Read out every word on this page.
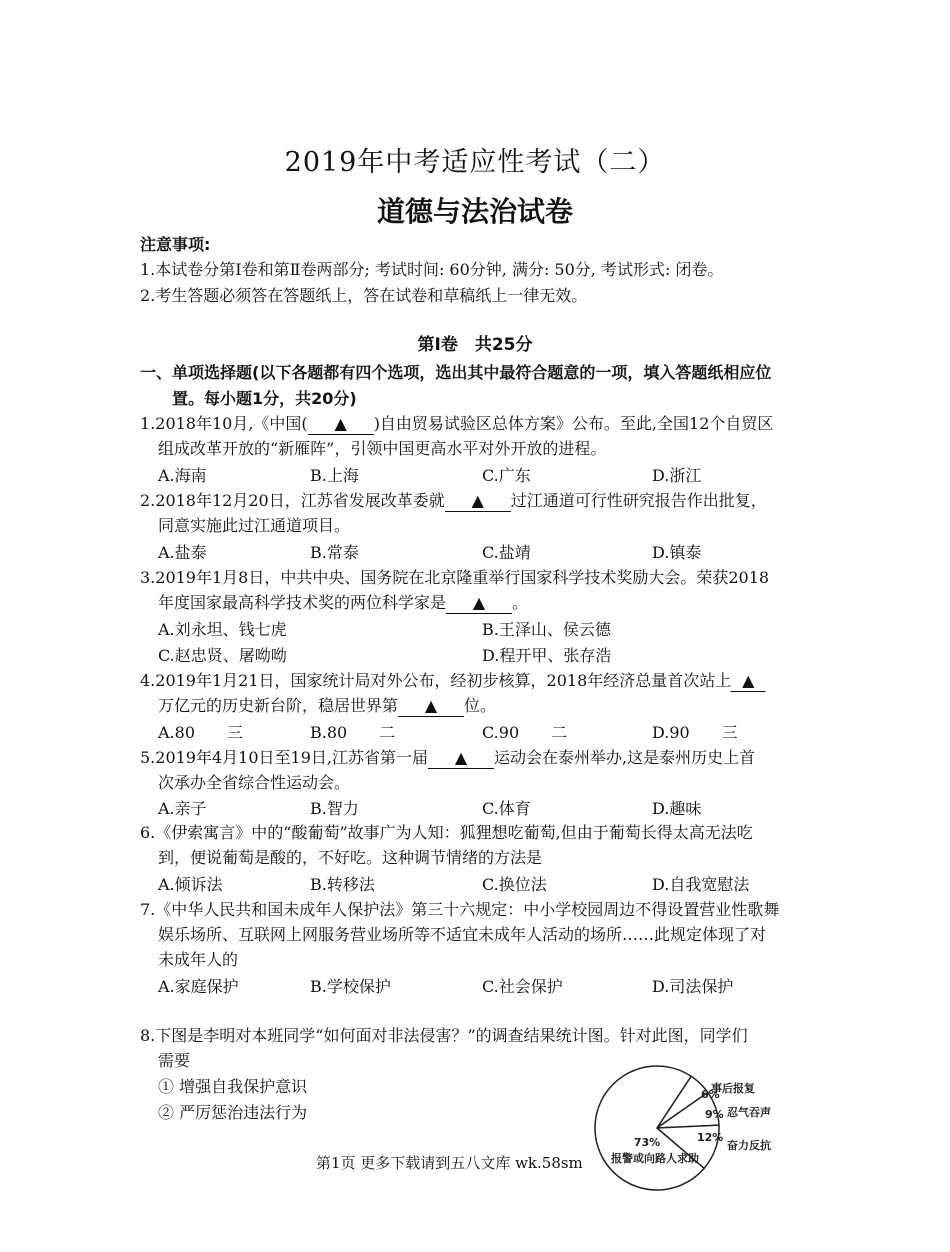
2019年中考适应性考试（二）
道德与法治试卷
注意事项:
1.本试卷分第Ⅰ卷和第Ⅱ卷两部分; 考试时间: 60分钟, 满分: 50分, 考试形式: 闭卷。
2.考生答题必须答在答题纸上，答在试卷和草稿纸上一律无效。
第Ⅰ卷　共25分
一、单项选择题(以下各题都有四个选项，选出其中最符合题意的一项，填入答题纸相应位
置。每小题1分，共20分)
1.2018年10月,《中国( ▲ )自由贸易试验区总体方案》公布。至此,全国12个自贸区
组成改革开放的“新雁阵”，引领中国更高水平对外开放的进程。
A.海南	B.上海	C.广东	D.浙江
2.2018年12月20日，江苏省发展改革委就 ▲ 过江通道可行性研究报告作出批复，
同意实施此过江通道项目。
A.盐泰	B.常泰	C.盐靖	D.镇泰
3.2019年1月8日，中共中央、国务院在北京隆重举行国家科学技术奖励大会。荣获2018
年度国家最高科学技术奖的两位科学家是 ▲ 。
A.刘永坦、钱七虎	B.王泽山、侯云德
C.赵忠贤、屠呦呦	D.程开甲、张存浩
4.2019年1月21日，国家统计局对外公布，经初步核算，2018年经济总量首次站上 ▲
万亿元的历史新台阶，稳居世界第 ▲ 位。
A.80　　三	B.80　　二	C.90　　二	D.90　　三
5.2019年4月10日至19日,江苏省第一届 ▲ 运动会在泰州举办,这是泰州历史上首
次承办全省综合性运动会。
A.亲子	B.智力	C.体育	D.趣味
6.《伊索寓言》中的“酸葡萄”故事广为人知：狐狸想吃葡萄,但由于葡萄长得太高无法吃
到，便说葡萄是酸的，不好吃。这种调节情绪的方法是
A.倾诉法	B.转移法	C.换位法	D.自我宽慰法
7.《中华人民共和国未成年人保护法》第三十六规定：中小学校园周边不得设置营业性歌舞
娱乐场所、互联网上网服务营业场所等不适宜未成年人活动的场所……此规定体现了对
未成年人的
A.家庭保护	B.学校保护	C.社会保护	D.司法保护
8.下图是李明对本班同学“如何面对非法侵害？”的调查结果统计图。针对此图，同学们
需要
① 增强自我保护意识
② 严厉惩治违法行为
第1页 更多下载请到五八文库 wk.58sm
6%
事后报复
9% 忍气吞声
12%
奋力反抗
73%
报警或向路人求助
